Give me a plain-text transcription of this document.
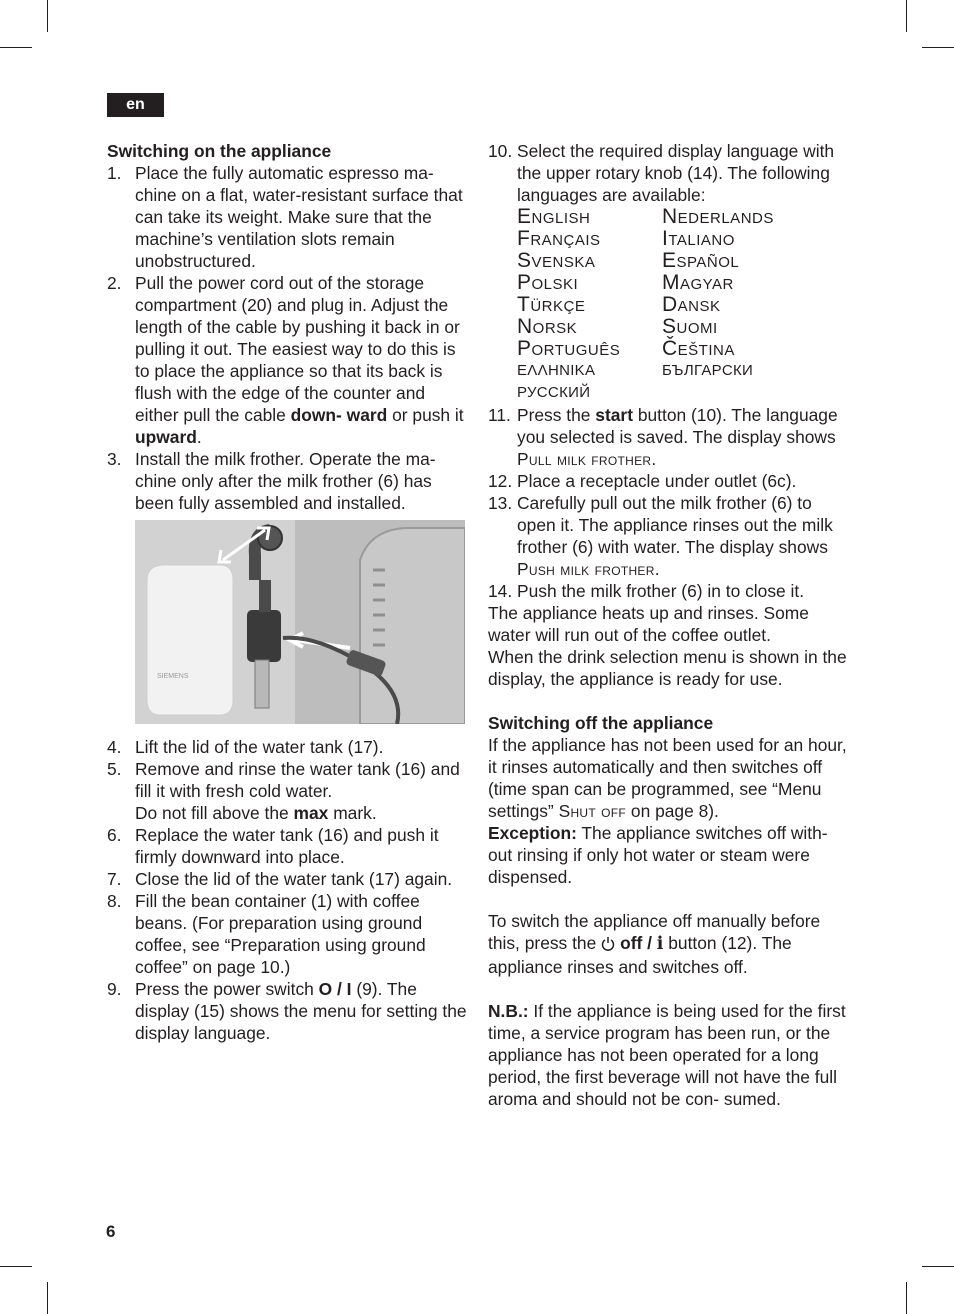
en
Switching on the appliance
1. Place the fully automatic espresso ma- chine on a flat, water-resistant surface that can take its weight. Make sure that the machine’s ventilation slots remain unobstructured.
2. Pull the power cord out of the storage compartment (20) and plug in. Adjust the length of the cable by pushing it back in or pulling it out. The easiest way to do this is to place the appliance so that its back is flush with the edge of the counter and either pull the cable down- ward or push it upward.
3. Install the milk frother. Operate the ma- chine only after the milk frother (6) has been fully assembled and installed.
SIEMENS
4. Lift the lid of the water tank (17).
5. Remove and rinse the water tank (16) and fill it with fresh cold water.
Do not fill above the max mark.
6. Replace the water tank (16) and push it firmly downward into place.
7. Close the lid of the water tank (17) again.
8. Fill the bean container (1) with coffee beans. (For preparation using ground coffee, see “Preparation using ground coffee” on page 10.)
9. Press the power switch O / I (9). The display (15) shows the menu for setting the display language.
10. Select the required display language with the upper rotary knob (14). The following languages are available:
English	Nederlands
Français	Italiano
Svenska	Español
Polski	Magyar
Türkçe	Dansk
Norsk	Suomi
Português	Čeština
ΕΛΛΗΝΙΚΑ	БЪЛГАРСКИ
РУССКИЙ
11. Press the start button (10). The language you selected is saved. The display shows Pull milk frother.
12. Place a receptacle under outlet (6c).
13. Carefully pull out the milk frother (6) to open it. The appliance rinses out the milk frother (6) with water. The display shows Push milk frother.
14. Push the milk frother (6) in to close it.

The appliance heats up and rinses. Some water will run out of the coffee outlet.

When the drink selection menu is shown in the display, the appliance is ready for use.

Switching off the appliance

If the appliance has not been used for an hour, it rinses automatically and then switches off (time span can be programmed, see “Menu settings” Shut off on page 8).

Exception: The appliance switches off with- out rinsing if only hot water or steam were dispensed.

To switch the appliance off manually before this, press the off / i button (12). The appliance rinses and switches off.

N.B.: If the appliance is being used for the first time, a service program has been run, or the appliance has not been operated for a long period, the first beverage will not have the full aroma and should not be con- sumed.

6
